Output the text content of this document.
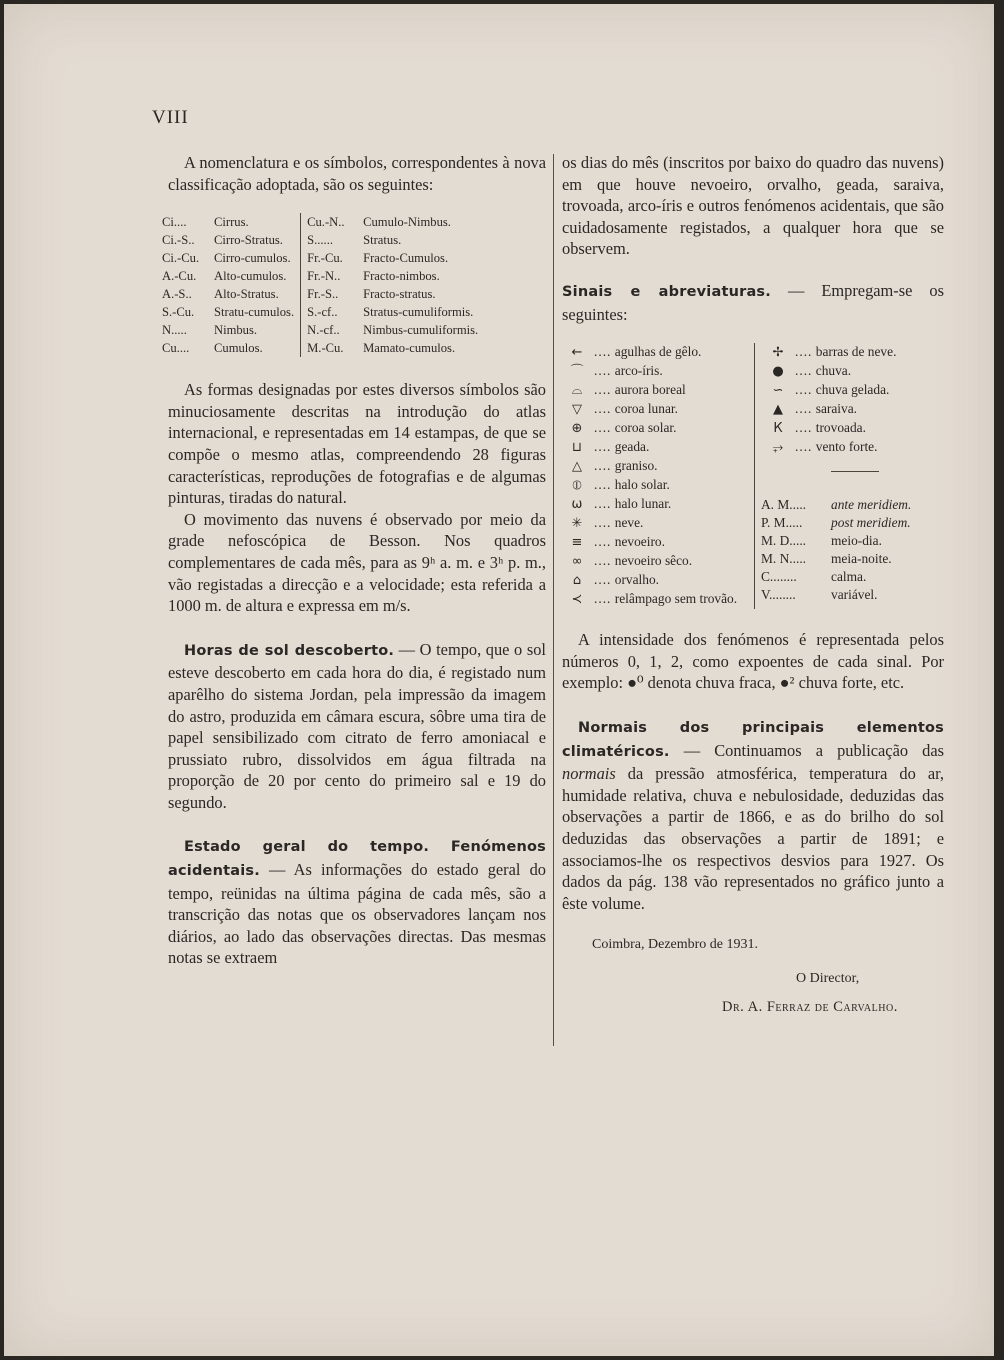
VIII

A nomenclatura e os símbolos, correspondentes à nova classificação adoptada, são os seguintes:

Ci.... Cirrus.
Ci.-S.. Cirro-Stratus.
Ci.-Cu. Cirro-cumulos.
A.-Cu. Alto-cumulos.
A.-S.. Alto-Stratus.
S.-Cu. Stratu-cumulos.
N..... Nimbus.
Cu.... Cumulos.
Cu.-N.. Cumulo-Nimbus.
S...... Stratus.
Fr.-Cu. Fracto-Cumulos.
Fr.-N.. Fracto-nimbos.
Fr.-S.. Fracto-stratus.
S.-cf.. Stratus-cumuliformis.
N.-cf.. Nimbus-cumuliformis.
M.-Cu. Mamato-cumulos.

As formas designadas por estes diversos símbolos são minuciosamente descritas na introdução do atlas internacional, e representadas em 14 estampas, de que se compõe o mesmo atlas, compreendendo 28 figuras características, reproduções de fotografias e de algumas pinturas, tiradas do natural.

O movimento das nuvens é observado por meio da grade nefoscópica de Besson. Nos quadros complementares de cada mês, para as 9ʰ a. m. e 3ʰ p. m., vão registadas a direcção e a velocidade; esta referida a 1000 m. de altura e expressa em m/s.

Horas de sol descoberto. — O tempo, que o sol esteve descoberto em cada hora do dia, é registado num aparêlho do sistema Jordan, pela impressão da imagem do astro, produzida em câmara escura, sôbre uma tira de papel sensibilizado com citrato de ferro amoniacal e prussiato rubro, dissolvidos em água filtrada na proporção de 20 por cento do primeiro sal e 19 do segundo.

Estado geral do tempo. Fenómenos acidentais. — As informações do estado geral do tempo, reünidas na última página de cada mês, são a transcrição das notas que os observadores lançam nos diários, ao lado das observações directas. Das mesmas notas se extraem

os dias do mês (inscritos por baixo do quadro das nuvens) em que houve nevoeiro, orvalho, geada, saraiva, trovoada, arco-íris e outros fenómenos acidentais, que são cuidadosamente registados, a qualquer hora que se observem.

Sinais e abreviaturas. — Empregam-se os seguintes:

← .... agulhas de gêlo.
⌒ .... arco-íris.
⌓ .... aurora boreal
▽ .... coroa lunar.
⊕ .... coroa solar.
⊔ .... geada.
△ .... graniso.
⦶ .... halo solar.
ω .... halo lunar.
✳ .... neve.
≡ .... nevoeiro.
∞ .... nevoeiro sêco.
⌂ .... orvalho.
≺ .... relâmpago sem trovão.
✢ .... barras de neve.
● .... chuva.
∽ .... chuva gelada.
▲ .... saraiva.
К .... trovoada.
⥅ .... vento forte.
A. M..... ante meridiem.
P. M..... post meridiem.
M. D..... meio-dia.
M. N..... meia-noite.
C........	calma.
V........	variável.

A intensidade dos fenómenos é representada pelos números 0, 1, 2, como expoentes de cada sinal. Por exemplo: ●⁰ denota chuva fraca, ●² chuva forte, etc.

Normais dos principais elementos climatéricos. — Continuamos a publicação das normais da pressão atmosférica, temperatura do ar, humidade relativa, chuva e nebulosidade, deduzidas das observações a partir de 1866, e as do brilho do sol deduzidas das observações a partir de 1891; e associamos-lhe os respectivos desvios para 1927. Os dados da pág. 138 vão representados no gráfico junto a êste volume.

Coimbra, Dezembro de 1931.

O Director,

Dr. A. Ferraz de Carvalho.
